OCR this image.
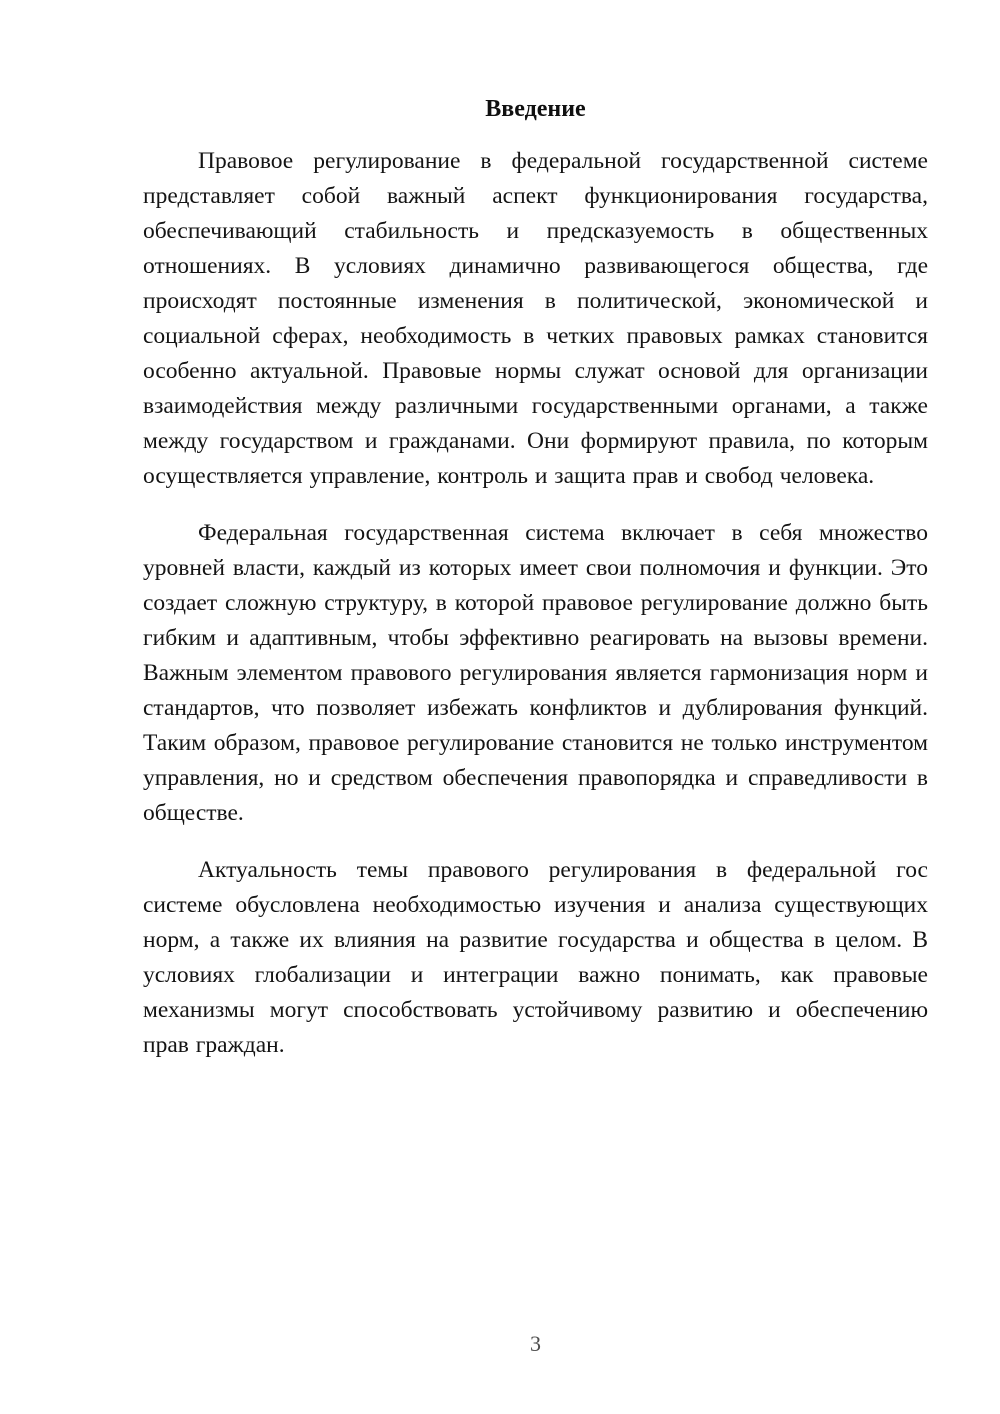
Введение

Правовое регулирование в федеральной государственной системе представляет собой важный аспект функционирования государства, обеспечивающий стабильность и предсказуемость в общественных отношениях. В условиях динамично развивающегося общества, где происходят постоянные изменения в политической, экономической и социальной сферах, необходимость в четких правовых рамках становится особенно актуальной. Правовые нормы служат основой для организации взаимодействия между различными государственными органами, а также между государством и гражданами. Они формируют правила, по которым осуществляется управление, контроль и защита прав и свобод человека.

Федеральная государственная система включает в себя множество уровней власти, каждый из которых имеет свои полномочия и функции. Это создает сложную структуру, в которой правовое регулирование должно быть гибким и адаптивным, чтобы эффективно реагировать на вызовы времени. Важным элементом правового регулирования является гармонизация норм и стандартов, что позволяет избежать конфликтов и дублирования функций. Таким образом, правовое регулирование становится не только инструментом управления, но и средством обеспечения правопорядка и справедливости в обществе.

Актуальность темы правового регулирования в федеральной гос системе обусловлена необходимостью изучения и анализа существующих норм, а также их влияния на развитие государства и общества в целом. В условиях глобализации и интеграции важно понимать, как правовые механизмы могут способствовать устойчивому развитию и обеспечению прав граждан.

3
